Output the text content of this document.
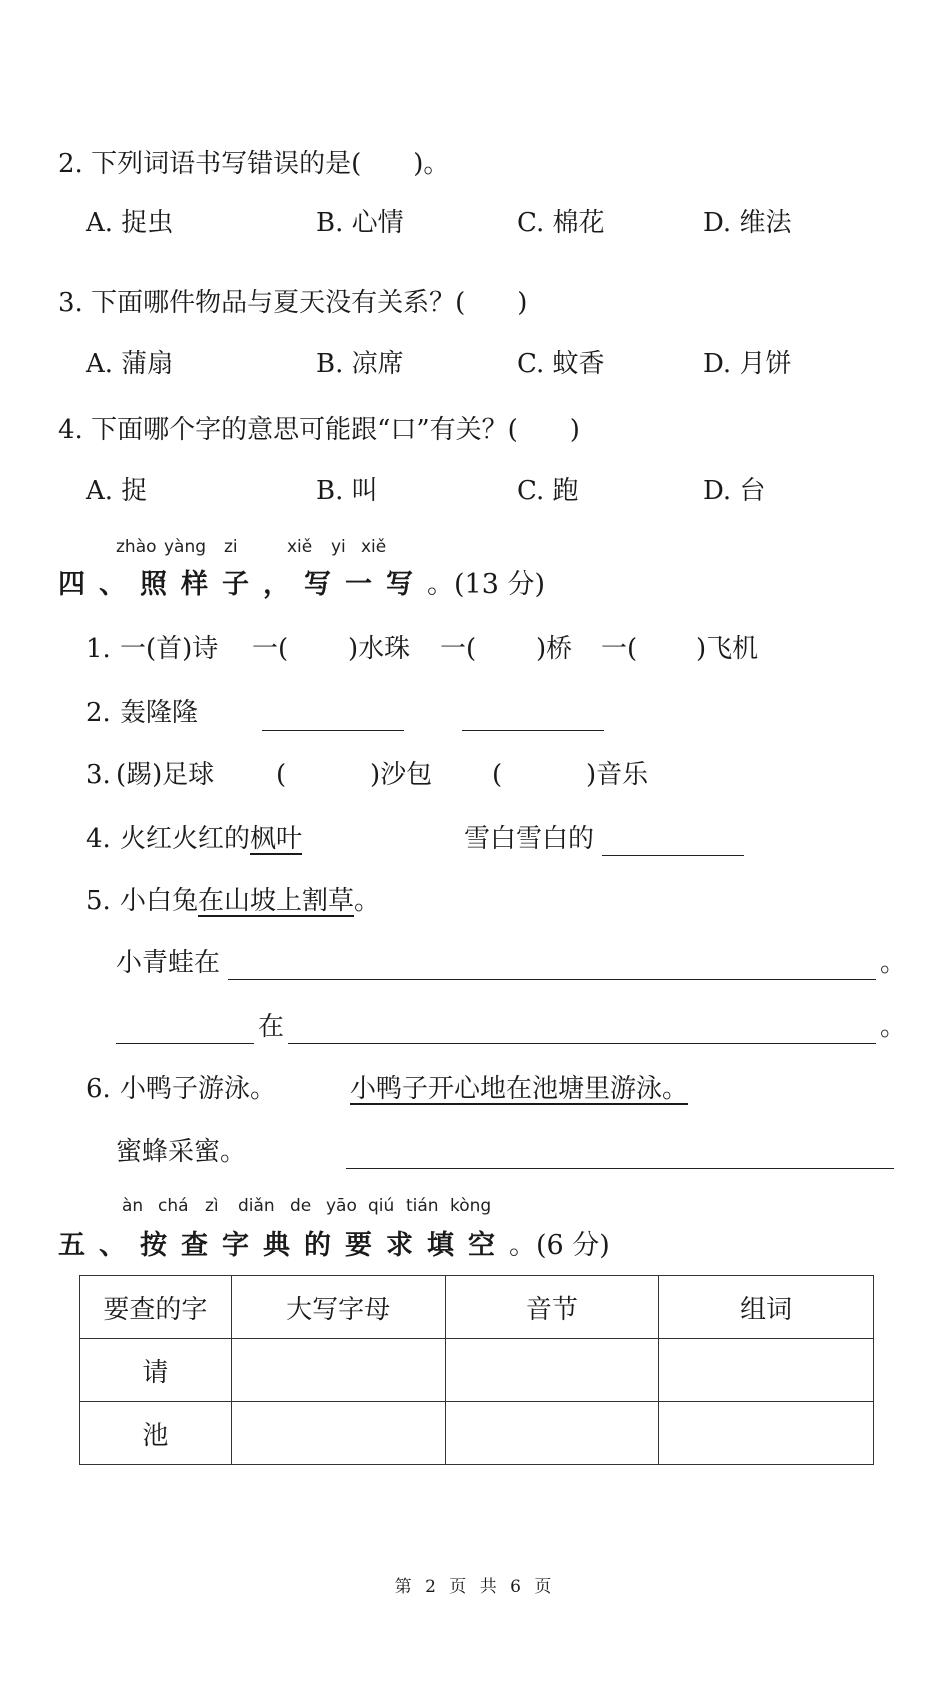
2. 下列词语书写错误的是(　　)。
A. 捉虫	B. 心情	C. 棉花	D. 维法
3. 下面哪件物品与夏天没有关系？(　　)
A. 蒲扇	B. 凉席	C. 蚊香	D. 月饼
4. 下面哪个字的意思可能跟“口”有关？(　　)
A. 捉	B. 叫	C. 跑	D. 台
zhào yàng zi	xiě yi xiě
四、照样子，写一写。(13 分)
1. 一(首)诗 一( )水珠 一( )桥 一( )飞机
2. 轰隆隆
3. (踢)足球 (	)沙包 (	)音乐
4. 火红火红的枫叶	雪白雪白的
5. 小白兔在山坡上割草。
小青蛙在	。
在	。
6. 小鸭子游泳。	小鸭子开心地在池塘里游泳。
蜜蜂采蜜。
àn chá zì diǎn de yāo qiú tián kòng
五、按查字典的要求填空。(6 分)
要查的字	大写字母	音节	组词
请			
池			
第 2 页 共 6 页
